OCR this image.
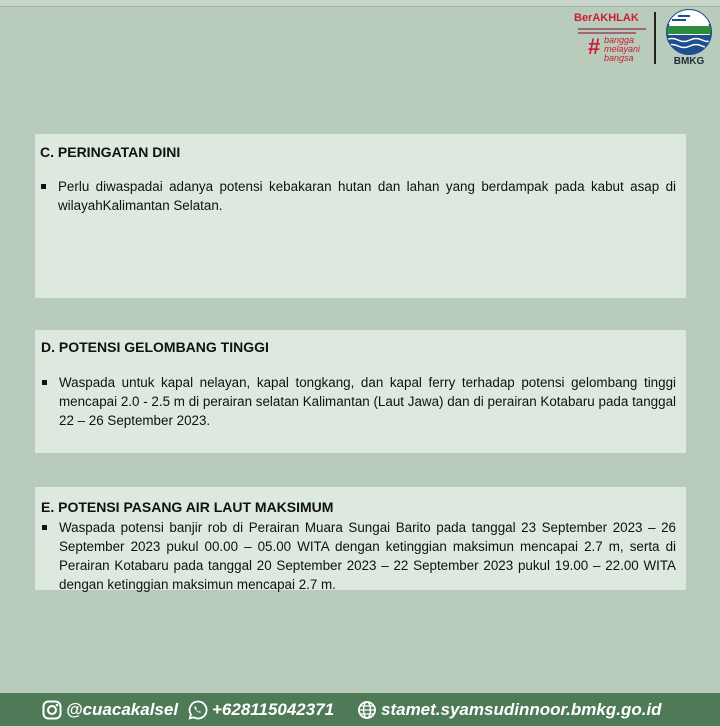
BerAKHLAK
# bangga
melayani
bangsa	BMKG

C. PERINGATAN DINI

Perlu diwaspadai adanya potensi kebakaran hutan dan lahan yang berdampak pada kabut asap di wilayahKalimantan Selatan.

D. POTENSI GELOMBANG TINGGI

Waspada untuk kapal nelayan, kapal tongkang, dan kapal ferry terhadap potensi gelombang tinggi mencapai 2.0 - 2.5 m di perairan selatan Kalimantan (Laut Jawa) dan di perairan Kotabaru pada tanggal 22 – 26 September 2023.

E. POTENSI PASANG AIR LAUT MAKSIMUM

Waspada potensi banjir rob di Perairan Muara Sungai Barito pada tanggal 23 September 2023 – 26 September 2023 pukul 00.00 – 05.00 WITA dengan ketinggian maksimun mencapai 2.7 m, serta di Perairan Kotabaru pada tanggal 20 September 2023 – 22 September 2023 pukul 19.00 – 22.00 WITA dengan ketinggian maksimun mencapai 2.7 m.

@cuacakalsel +628115042371	stamet.syamsudinnoor.bmkg.go.id
